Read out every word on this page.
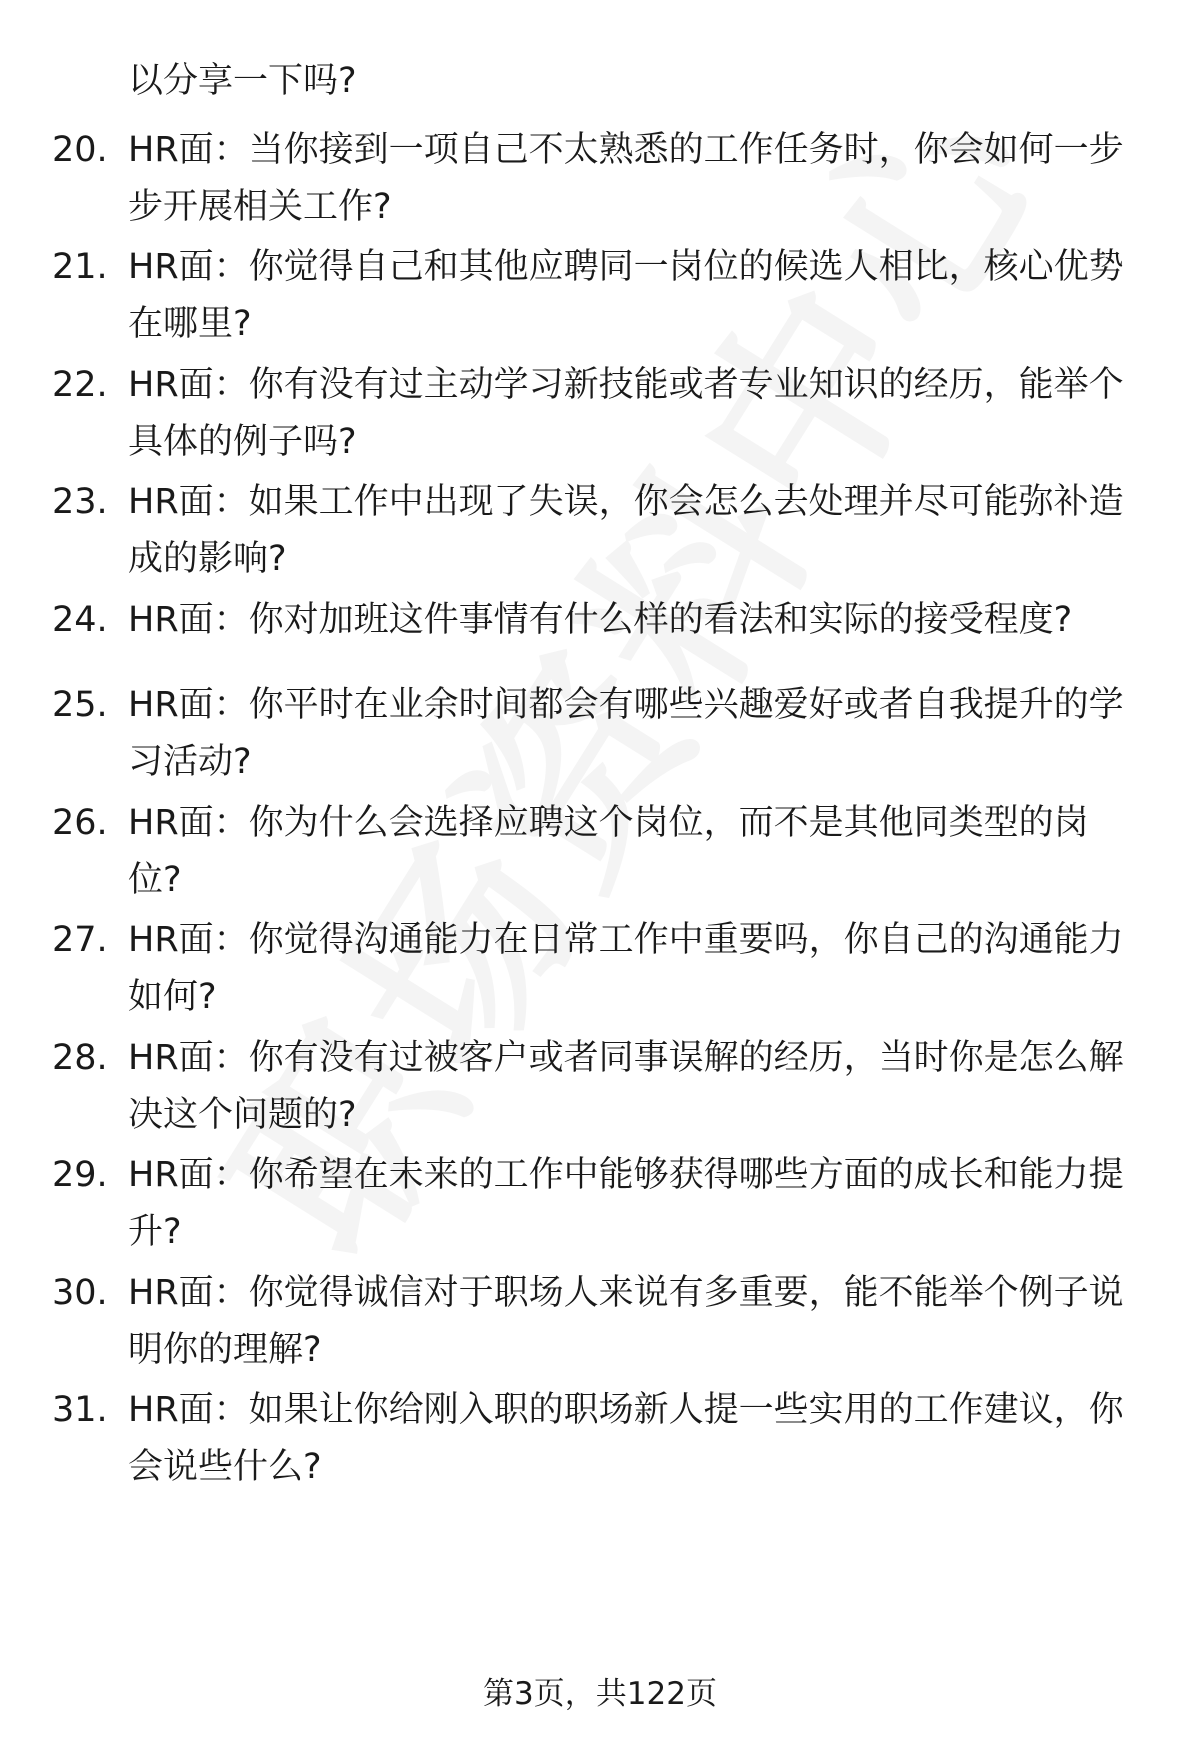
以分享一下吗?
20. HR面：当你接到一项自己不太熟悉的工作任务时，你会如何一步
步开展相关工作?
21. HR面：你觉得自己和其他应聘同一岗位的候选人相比，核心优势
在哪里?
22. HR面：你有没有过主动学习新技能或者专业知识的经历，能举个
具体的例子吗?
23. HR面：如果工作中出现了失误，你会怎么去处理并尽可能弥补造
成的影响?
24. HR面：你对加班这件事情有什么样的看法和实际的接受程度?
25. HR面：你平时在业余时间都会有哪些兴趣爱好或者自我提升的学
习活动?
26. HR面：你为什么会选择应聘这个岗位，而不是其他同类型的岗
位?
27. HR面：你觉得沟通能力在日常工作中重要吗，你自己的沟通能力
如何?
28. HR面：你有没有过被客户或者同事误解的经历，当时你是怎么解
决这个问题的?
29. HR面：你希望在未来的工作中能够获得哪些方面的成长和能力提
升?
30. HR面：你觉得诚信对于职场人来说有多重要，能不能举个例子说
明你的理解?
31. HR面：如果让你给刚入职的职场新人提一些实用的工作建议，你
会说些什么?
第3页，共122页
